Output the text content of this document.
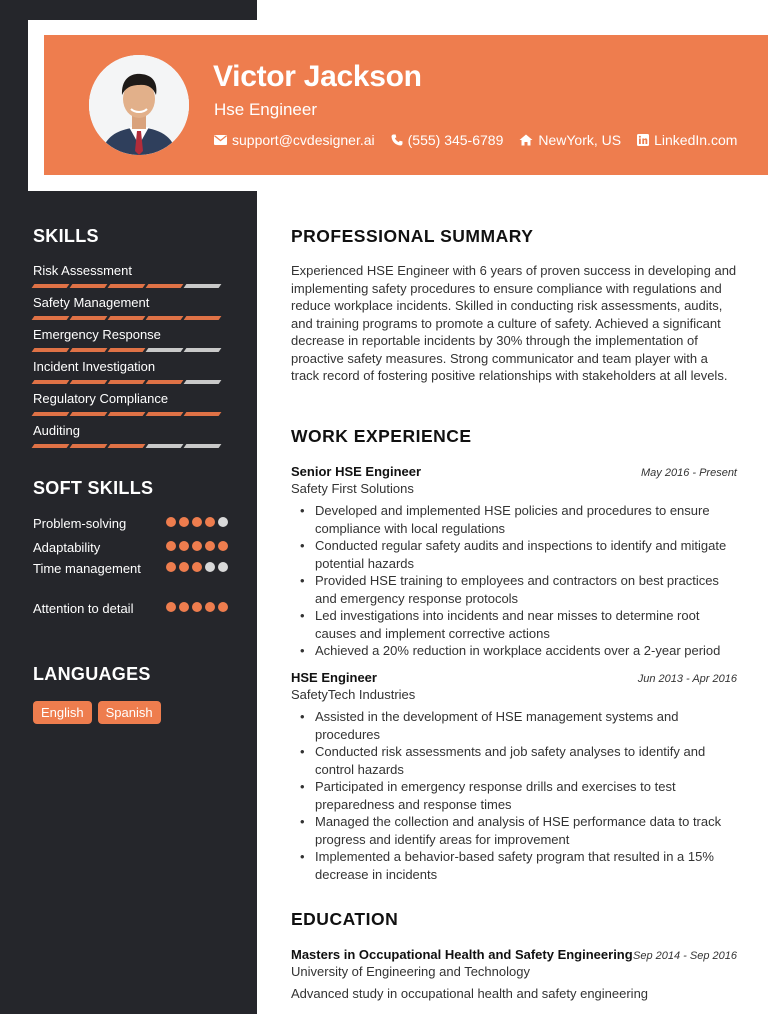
Victor Jackson
Hse Engineer
support@cvdesigner.ai (555) 345-6789	NewYork, US LinkedIn.com
SKILLS
Risk Assessment
Safety Management
Emergency Response
Incident Investigation
Regulatory Compliance
Auditing
SOFT SKILLS
Problem-solving
Adaptability
Time management
Attention to detail
LANGUAGES
English	Spanish
PROFESSIONAL SUMMARY

Experienced HSE Engineer with 6 years of proven success in developing and implementing safety procedures to ensure compliance with regulations and reduce workplace incidents. Skilled in conducting risk assessments, audits, and training programs to promote a culture of safety. Achieved a significant decrease in reportable incidents by 30% through the implementation of proactive safety measures. Strong communicator and team player with a track record of fostering positive relationships with stakeholders at all levels.

WORK EXPERIENCE
Senior HSE Engineer	May 2016 - Present
Safety First Solutions
• Developed and implemented HSE policies and procedures to ensure compliance with local regulations
• Conducted regular safety audits and inspections to identify and mitigate potential hazards
• Provided HSE training to employees and contractors on best practices and emergency response protocols
• Led investigations into incidents and near misses to determine root causes and implement corrective actions
• Achieved a 20% reduction in workplace accidents over a 2-year period
HSE Engineer	Jun 2013 - Apr 2016
SafetyTech Industries
• Assisted in the development of HSE management systems and procedures
• Conducted risk assessments and job safety analyses to identify and control hazards
• Participated in emergency response drills and exercises to test preparedness and response times
• Managed the collection and analysis of HSE performance data to track progress and identify areas for improvement
• Implemented a behavior-based safety program that resulted in a 15% decrease in incidents
EDUCATION
Masters in Occupational Health and Safety Engineering Sep 2014 - Sep 2016
University of Engineering and Technology
Advanced study in occupational health and safety engineering
